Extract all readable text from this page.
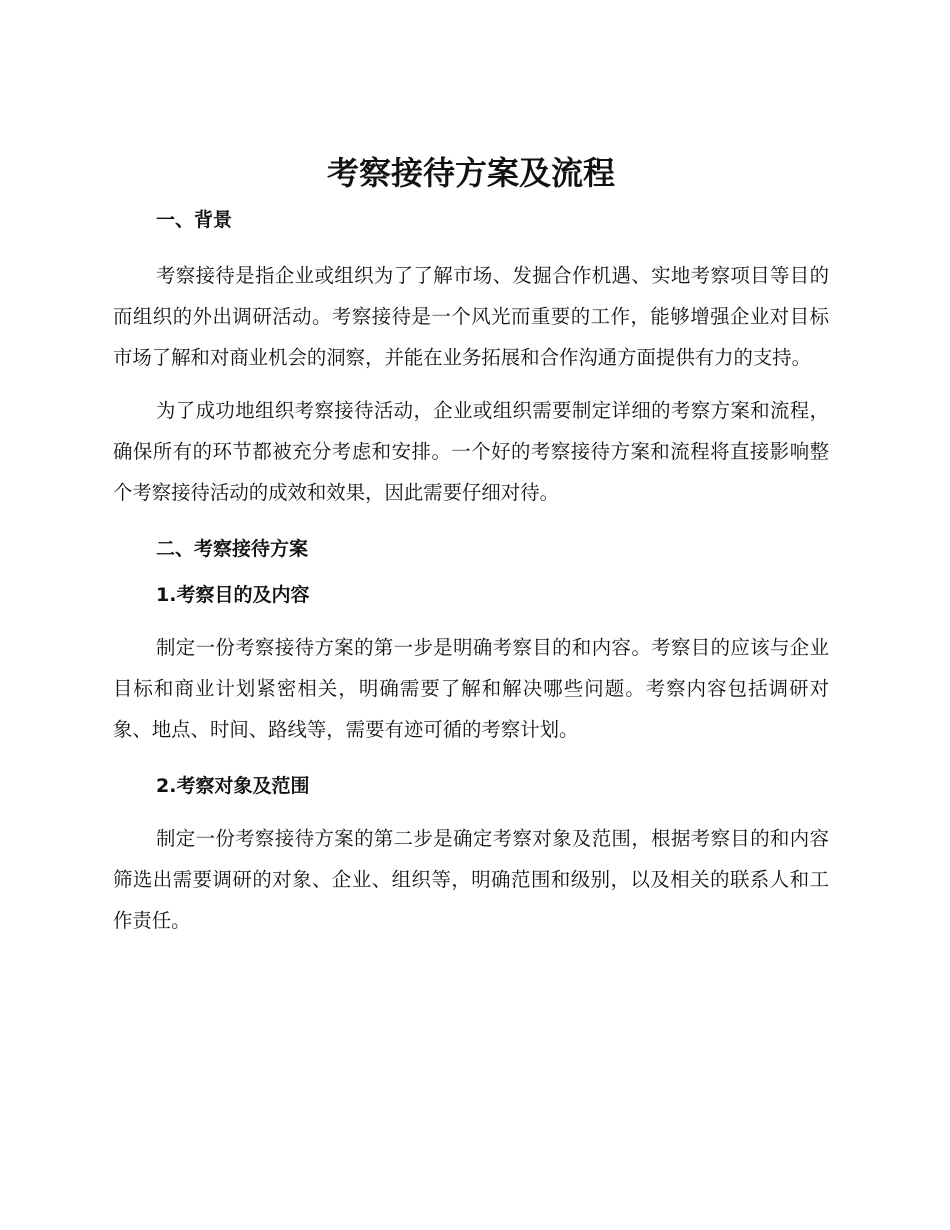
考察接待方案及流程
一、背景

考察接待是指企业或组织为了了解市场、发掘合作机遇、实地考察项目等目的而组织的外出调研活动。考察接待是一个风光而重要的工作，能够增强企业对目标市场了解和对商业机会的洞察，并能在业务拓展和合作沟通方面提供有力的支持。

为了成功地组织考察接待活动，企业或组织需要制定详细的考察方案和流程，确保所有的环节都被充分考虑和安排。一个好的考察接待方案和流程将直接影响整个考察接待活动的成效和效果，因此需要仔细对待。

二、考察接待方案
1.考察目的及内容

制定一份考察接待方案的第一步是明确考察目的和内容。考察目的应该与企业目标和商业计划紧密相关，明确需要了解和解决哪些问题。考察内容包括调研对象、地点、时间、路线等，需要有迹可循的考察计划。

2.考察对象及范围

制定一份考察接待方案的第二步是确定考察对象及范围，根据考察目的和内容筛选出需要调研的对象、企业、组织等，明确范围和级别，以及相关的联系人和工作责任。
